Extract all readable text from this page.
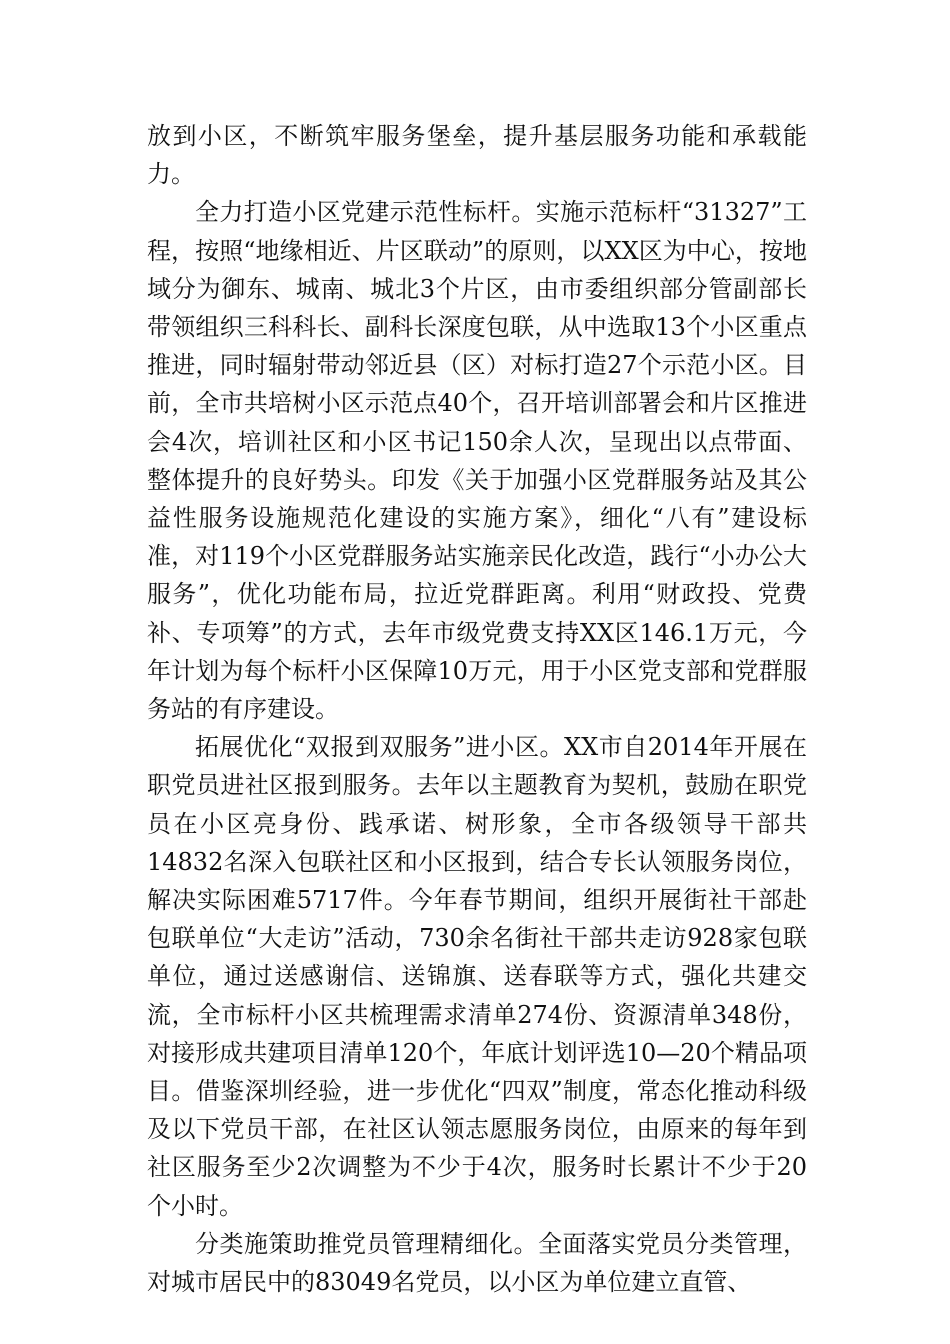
放到小区，不断筑牢服务堡垒，提升基层服务功能和承载能力。

全力打造小区党建示范性标杆。实施示范标杆“31327”工程，按照“地缘相近、片区联动”的原则，以XX区为中心，按地域分为御东、城南、城北3个片区，由市委组织部分管副部长带领组织三科科长、副科长深度包联，从中选取13个小区重点推进，同时辐射带动邻近县（区）对标打造27个示范小区。目前，全市共培树小区示范点40个，召开培训部署会和片区推进会4次，培训社区和小区书记150余人次，呈现出以点带面、整体提升的良好势头。印发《关于加强小区党群服务站及其公益性服务设施规范化建设的实施方案》，细化“八有”建设标准，对119个小区党群服务站实施亲民化改造，践行“小办公大服务”，优化功能布局，拉近党群距离。利用“财政投、党费补、专项筹”的方式，去年市级党费支持XX区146.1万元，今年计划为每个标杆小区保障10万元，用于小区党支部和党群服务站的有序建设。

拓展优化“双报到双服务”进小区。XX市自2014年开展在职党员进社区报到服务。去年以主题教育为契机，鼓励在职党员在小区亮身份、践承诺、树形象，全市各级领导干部共14832名深入包联社区和小区报到，结合专长认领服务岗位，解决实际困难5717件。今年春节期间，组织开展街社干部赴包联单位“大走访”活动，730余名街社干部共走访928家包联单位，通过送感谢信、送锦旗、送春联等方式，强化共建交流，全市标杆小区共梳理需求清单274份、资源清单348份，对接形成共建项目清单120个，年底计划评选10—20个精品项目。借鉴深圳经验，进一步优化“四双”制度，常态化推动科级及以下党员干部，在社区认领志愿服务岗位，由原来的每年到社区服务至少2次调整为不少于4次，服务时长累计不少于20个小时。

分类施策助推党员管理精细化。全面落实党员分类管理，对城市居民中的83049名党员，以小区为单位建立直管、
